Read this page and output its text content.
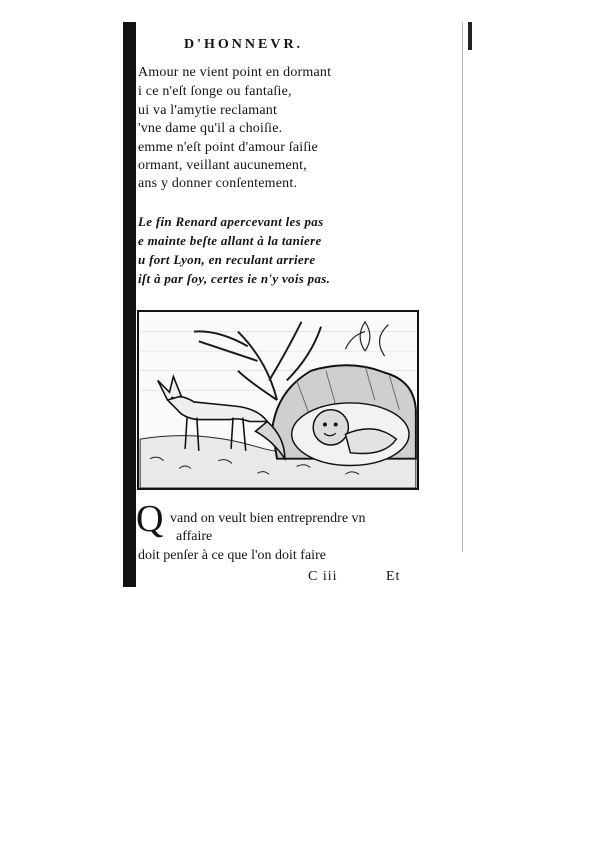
D'HONNEVR.
Amour ne vient point en dormant
i ce n'eſt ſonge ou fantaſie,
ui va l'amytie reclamant
'vne dame qu'il a choiſie.
emme n'eſt point d'amour ſaiſie
ormant, veillant aucunement,
ans y donner conſentement.
Le fin Renard apercevant les pas
e mainte beſte allant à la taniere
u fort Lyon, en reculant arriere
iſt à par ſoy, certes ie n'y vois pas.
Q vand on veult bien entreprendre vn
affaire
doit penſer à ce que l'on doit faire
C iii	Et
